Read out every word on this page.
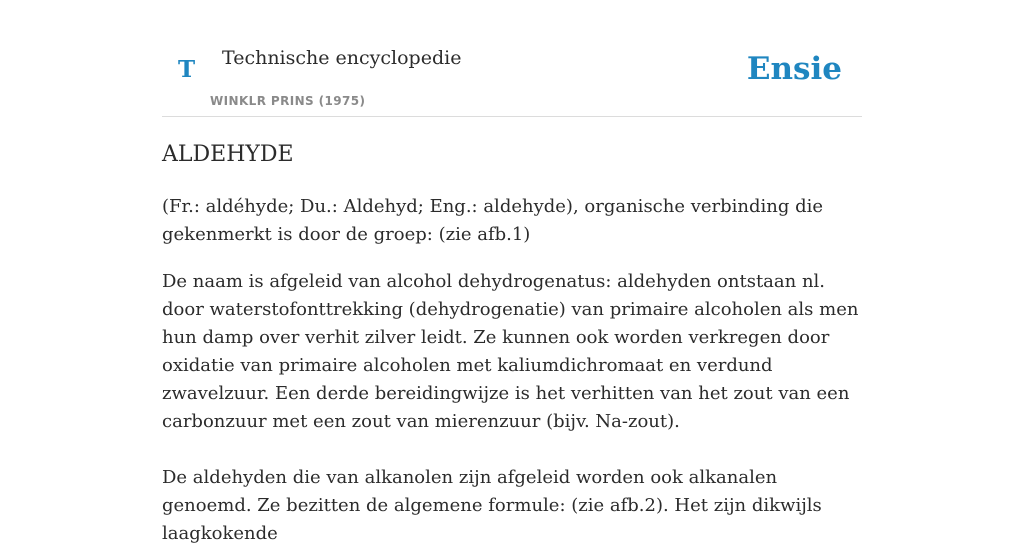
T Technische encyclopedie
WINKLR PRINS (1975)
Ensie
ALDEHYDE

(Fr.: aldéhyde; Du.: Aldehyd; Eng.: aldehyde), organische verbinding die gekenmerkt is door de groep: (zie afb.1)

De naam is afgeleid van alcohol dehydrogenatus: aldehyden ontstaan nl. door waterstofonttrekking (dehydrogenatie) van primaire alcoholen als men hun damp over verhit zilver leidt. Ze kunnen ook worden verkregen door oxidatie van primaire alcoholen met kaliumdichromaat en verdund zwavelzuur. Een derde bereidingwijze is het verhitten van het zout van een carbonzuur met een zout van mierenzuur (bijv. Na-zout).

De aldehyden die van alkanolen zijn afgeleid worden ook alkanalen genoemd. Ze bezitten de algemene formule: (zie afb.2). Het zijn dikwijls laagkokende
